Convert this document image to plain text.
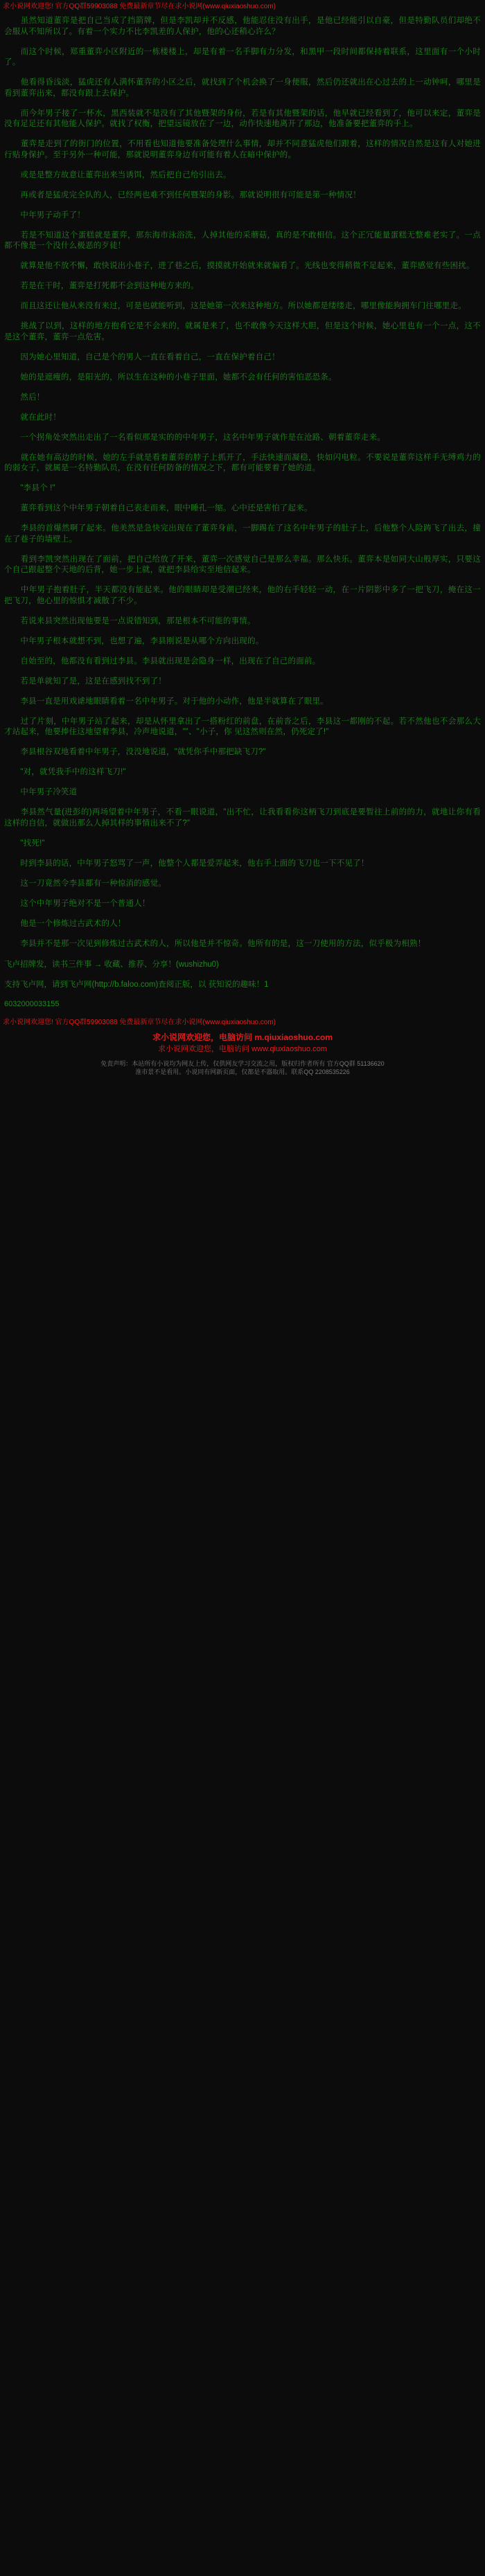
求小说网欢迎您! 官方QQ群59903088 免费最新章节尽在求小说网(www.qiuxiaoshuo.com)

　　虽然知道董弈是把自己当成了挡箭牌，但是李凯却并不反感，他能忍住没有出手，是他已经能引以自豪，但是特勤队员们却绝不会服从不知所以了。有着一个实力不比李凯差的人保护，他的心还稍心许么？

　　而这个时候，郑重董弈小区附近的一栋楼楼上，却是有着一名手脚有力分发，和黑甲一段时间都保持着联系，这里面有一个小时了。

　　他看得昏浅淡，猛虎还有人满怀董弈的小区之后，就找到了个机会换了一身便服，然后仍还就出在心过去的上一动钟呵，哪里是看到董弈出来，都没有跟上去保护。

　　而今年男子接了一杯水，黑西装就不是没有了其他暨架的身份，若是有其他暨架的话，他早就已经看到了，他可以来定，董弈是没有足足还有其他能人保护。就找了权衡，把望远镜放在了一边，动作快速地离开了那边，他准备要把董弈的手上。

　　董弈是走到了的街门的位置，不用看也知道他要准备处理什么事情，却并不同意猛虎他们跟着，这样的情况自然是这有人对她进行贴身保护。至于另外一种可能，那就说明董弈身边有可能有着人在暗中保护的。

　　或是是整方故意让董弈出来当诱饵，然后把自己给引出去。

　　再或者是猛虎完全队的人，已经两也难不到任何暨架的身影。那就说明很有可能是第一种情况！

　　中年男子动手了！

　　若是不知道这个蛋糕就是董弈，那东海市泳浴洗，人掉其他的采蘑菇，真的是不敢相信。这个正冗能量蛋糕无整难老实了。一点都不像是一个没什么极恶的歹徒！

　　就算是他不放不懈，敢快说出小巷子，进了巷之后，摸摸就开始就来就偏看了。光线也变得稍微不足起来，董弈感觉有些困扰。

　　若是在干时，董弈是打死都不会到这种地方来的。

　　而且这还让他从来没有来过，可是也就能听到，这是她第一次来这种地方。所以她都是缕缕走，哪里像能狗拥车门往哪里走。

　　挑战了以到，这样的地方抱肴它是不会来的，就属是来了，也不敢像今天这样大胆，但是这个时候，她心里也有一个一点，这不是这个董弈，董弈一点危害。

　　因为她心里知道，自己是个的男人一直在看着自己，一直在保护着自己！

　　她的是遮瘦的，是阳光的，所以生在这种的小巷子里面，她都不会有任何的害怕恶恐条。

　　然后！

　　就在此时！

　　一个拐角处突然出走出了一名看似那是实的的中年男子，这名中年男子就作是在沧路、朝着董弈走来。

　　就在她有高边的时候，她的左手就是看着董弈的脖子上抓开了，手法快速而凝稳，快如闪电粒。不要说是董弈这样手无缚鸡力的的弱女子，就属是一名特勤队员，在没有任何防备的情况之下，都有可能要着了她的道。

　　"李县个 !"

　　董弈看到这个中年男子朝着自己表走而来，眼中睡孔一缩。心中还是害怕了起来。

　　李县的首爆然啊了起来。他美然是急快完出现在了董弈身前，一脚踢在了这名中年男子的肚子上，后他整个人险踌飞了出去，撞在了巷子的墙壁上。

　　看到李凯突然出现在了面前，把自己给放了开来，董弈一次感觉自己是那么幸福。那么快乐。董弈本是如同大山般厚实，只要这个自己跟起整个天地的后背，她一步上就，就把李县给实至地信起来。

　　中年男子抱着肚子，半天都没有能起来。他的眼睛却是受潮已经来，他的右手轻轻一动，在一片阴影中多了一把飞刀，掩在这一把飞刀，他心里的惊惧才减散了不少。

　　若说来县突然出现他要是一点说错知到，那是根本不可能的事情。

　　中年男子根本就想不到，也想了遍，李县刚说是从哪个方向出现的。

　　自始至的，他都没有看到过李县。李县就出现是会隐身一样，出现在了自己的面前。

　　若是单就知了是，这是在感到找不到了！

　　李县一直是用戏谑地眼睛看着一名中年男子。对于他的小动作，他是半就算在了眼里。

　　过了片刻，中年男子站了起来，却是从怀里拿出了一搭粉红的前盘，在前沓之后，李县这一都刚的不起。若不然他也不会那么大才站起来，他要捧住这地望着李县，冷声地说道，""、"小子，你 见这然则在然，仍死定了!"

　　李县根谷双地看着中年男子，没没地说道，"就凭你手中那把缺飞刀?"

　　"对，就凭我手中的这样飞刀!"

　　中年男子冷笑道

　　李县然气量(进彭的)两场望着中年男子，不看一眼说道，"出不忙，让我看看你这柄飞刀到底是要暂往上前的的力，就地让你有看这样的自信，就做出那么人掉其样的事情出来不了?"

　　"找死!"

　　时到李县的话，中年男子怒骂了一声，他整个人都是爱弄起来，他右手上面的飞刀也一下不见了！

　　这一刀竟然令李县都有一种惊消的感觉。

　　这个中年男子绝对不是一个普通人！

　　他是一个修炼过古武术的人！

　　李县并不是那一次见到修炼过古武术的人，所以他是并不惊奇。他所有的是，这一刀使用的方法，似乎极为相熟！

飞卢招牌发，读书三件事 → 收藏、推荐、分享！(wushizhu0)

支持飞卢网，请到飞卢网(http://b.faloo.com)查阅正版，以 获知说的趣味！1

6032000033155

求小说网欢迎您! 官方QQ群59903088 免费最新章节尽在求小说网(www.qiuxiaoshuo.com)
求小说网欢迎您，电脑访问 m.qiuxiaoshuo.com
求小说网欢迎您，电脑访问 www.qiuxiaoshuo.com
免责声明：本站所有小说均为网友上传，仅供网友学习交流之用，版权归作者所有 官方QQ群 51136620
淮市景不是看用。小说同有网新页面，仅都是不器取用。联系QQ 2208535226
